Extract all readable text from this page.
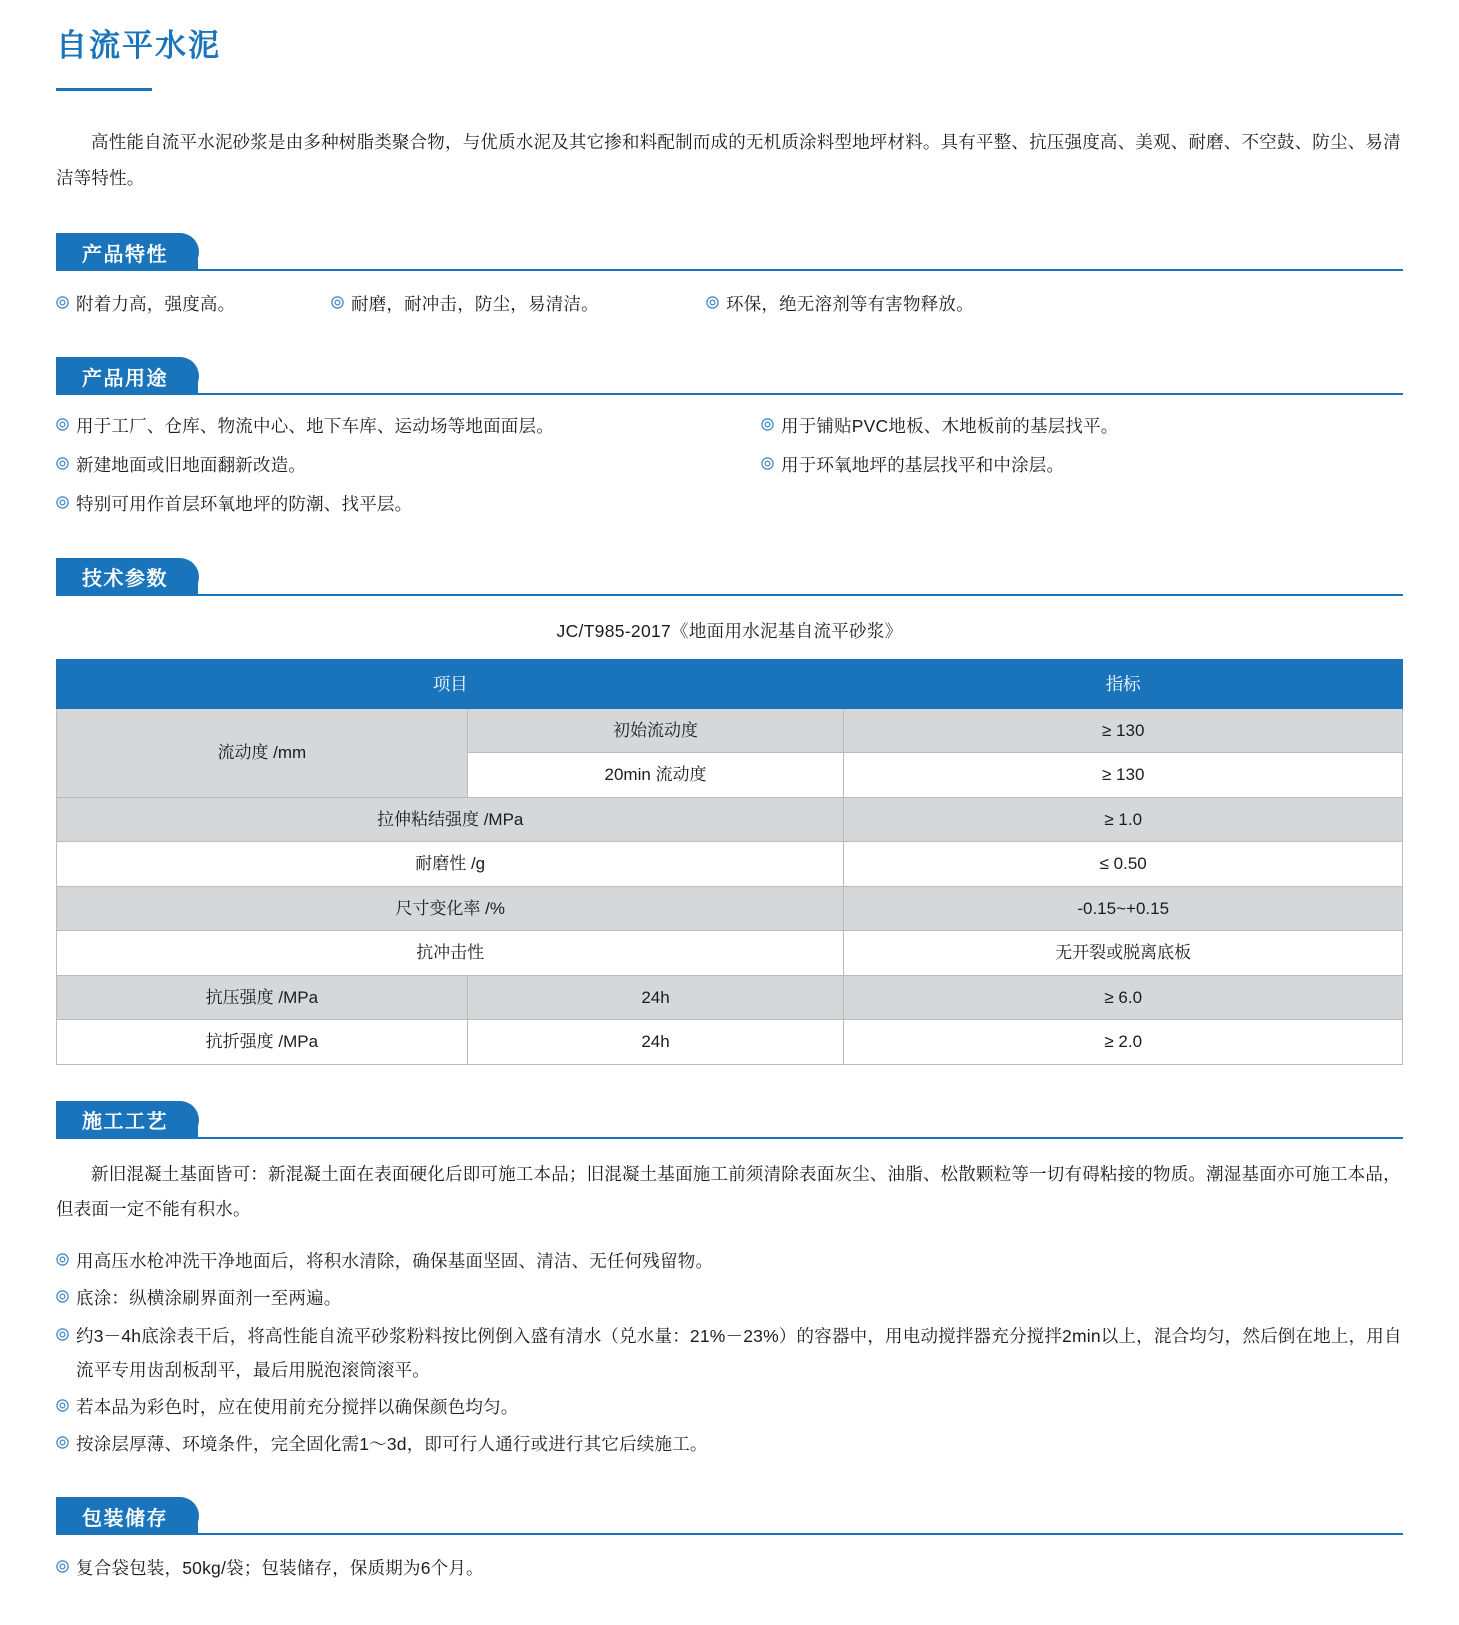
自流平水泥

高性能自流平水泥砂浆是由多种树脂类聚合物，与优质水泥及其它掺和料配制而成的无机质涂料型地坪材料。具有平整、抗压强度高、美观、耐磨、不空鼓、防尘、易清洁等特性。

产品特性
附着力高，强度高。	耐磨，耐冲击，防尘，易清洁。	环保，绝无溶剂等有害物释放。
产品用途
用于工厂、仓库、物流中心、地下车库、运动场等地面面层。	用于铺贴PVC地板、木地板前的基层找平。
新建地面或旧地面翻新改造。	用于环氧地坪的基层找平和中涂层。
特别可用作首层环氧地坪的防潮、找平层。
技术参数
JC/T985-2017《地面用水泥基自流平砂浆》
项目		指标
流动度 /mm	初始流动度	≥ 130
	20min 流动度	≥ 130
拉伸粘结强度 /MPa		≥ 1.0
耐磨性 /g		≤ 0.50
尺寸变化率 /%		-0.15~+0.15
抗冲击性		无开裂或脱离底板
抗压强度 /MPa	24h	≥ 6.0
抗折强度 /MPa	24h	≥ 2.0
施工工艺

新旧混凝土基面皆可：新混凝土面在表面硬化后即可施工本品；旧混凝土基面施工前须清除表面灰尘、油脂、松散颗粒等一切有碍粘接的物质。潮湿基面亦可施工本品，但表面一定不能有积水。

用高压水枪冲洗干净地面后，将积水清除，确保基面坚固、清洁、无任何残留物。
底涂：纵横涂刷界面剂一至两遍。
约3－4h底涂表干后，将高性能自流平砂浆粉料按比例倒入盛有清水（兑水量：21%－23%）的容器中，用电动搅拌器充分搅拌2min以上，混合均匀，然后倒在地上，用自流平专用齿刮板刮平，最后用脱泡滚筒滚平。
若本品为彩色时，应在使用前充分搅拌以确保颜色均匀。
按涂层厚薄、环境条件，完全固化需1～3d，即可行人通行或进行其它后续施工。
包装储存
复合袋包装，50kg/袋；包装储存，保质期为6个月。
